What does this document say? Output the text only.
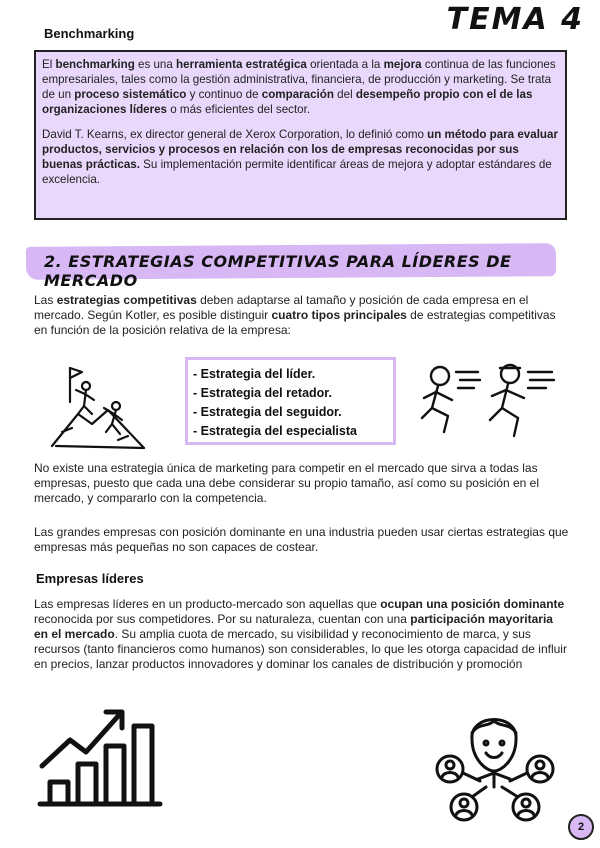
Benchmarking	TEMA 4

El benchmarking es una herramienta estratégica orientada a la mejora continua de las funciones empresariales, tales como la gestión administrativa, financiera, de producción y marketing. Se trata de un proceso sistemático y continuo de comparación del desempeño propio con el de las organizaciones líderes o más eficientes del sector.

David T. Kearns, ex director general de Xerox Corporation, lo definió como un método para evaluar productos, servicios y procesos en relación con los de empresas reconocidas por sus buenas prácticas. Su implementación permite identificar áreas de mejora y adoptar estándares de excelencia.

2. ESTRATEGIAS COMPETITIVAS PARA LÍDERES DE MERCADO

Las estrategias competitivas deben adaptarse al tamaño y posición de cada empresa en el mercado. Según Kotler, es posible distinguir cuatro tipos principales de estrategias competitivas en función de la posición relativa de la empresa:

- Estrategia del líder.
- Estrategia del retador.
- Estrategia del seguidor.
- Estrategia del especialista

No existe una estrategia única de marketing para competir en el mercado que sirva a todas las empresas, puesto que cada una debe considerar su propio tamaño, así como su posición en el mercado, y compararlo con la competencia.

Las grandes empresas con posición dominante en una industria pueden usar ciertas estrategias que empresas más pequeñas no son capaces de costear.

Empresas líderes

Las empresas líderes en un producto-mercado son aquellas que ocupan una posición dominante reconocida por sus competidores. Por su naturaleza, cuentan con una participación mayoritaria en el mercado. Su amplia cuota de mercado, su visibilidad y reconocimiento de marca, y sus recursos (tanto financieros como humanos) son considerables, lo que les otorga capacidad de influir en precios, lanzar productos innovadores y dominar los canales de distribución y promoción

2
